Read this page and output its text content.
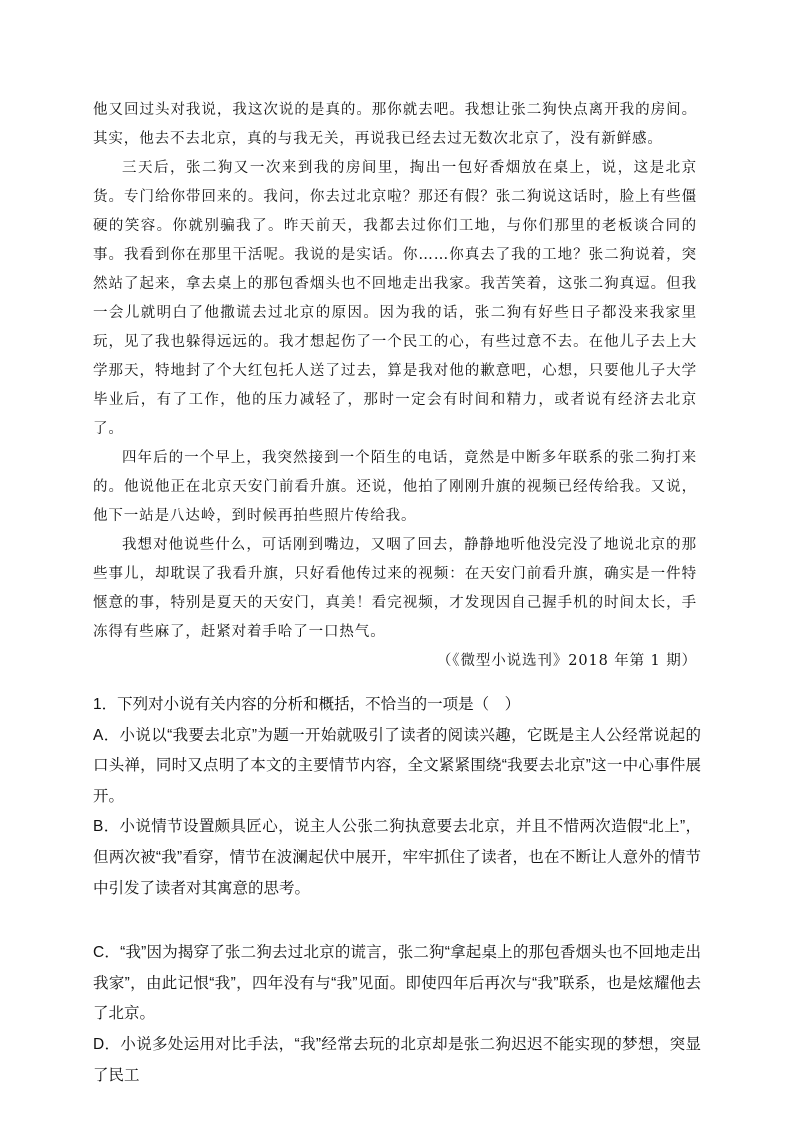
他又回过头对我说，我这次说的是真的。那你就去吧。我想让张二狗快点离开我的房间。其实，他去不去北京，真的与我无关，再说我已经去过无数次北京了，没有新鲜感。

三天后，张二狗又一次来到我的房间里，掏出一包好香烟放在桌上，说，这是北京货。专门给你带回来的。我问，你去过北京啦？那还有假？张二狗说这话时，脸上有些僵硬的笑容。你就别骗我了。昨天前天，我都去过你们工地，与你们那里的老板谈合同的事。我看到你在那里干活呢。我说的是实话。你……你真去了我的工地？张二狗说着，突然站了起来，拿去桌上的那包香烟头也不回地走出我家。我苦笑着，这张二狗真逗。但我一会儿就明白了他撒谎去过北京的原因。因为我的话，张二狗有好些日子都没来我家里玩，见了我也躲得远远的。我才想起伤了一个民工的心，有些过意不去。在他儿子去上大学那天，特地封了个大红包托人送了过去，算是我对他的歉意吧，心想，只要他儿子大学毕业后，有了工作，他的压力减轻了，那时一定会有时间和精力，或者说有经济去北京了。

四年后的一个早上，我突然接到一个陌生的电话，竟然是中断多年联系的张二狗打来的。他说他正在北京天安门前看升旗。还说，他拍了刚刚升旗的视频已经传给我。又说，他下一站是八达岭，到时候再拍些照片传给我。

我想对他说些什么，可话刚到嘴边，又咽了回去，静静地听他没完没了地说北京的那些事儿，却耽误了我看升旗，只好看他传过来的视频：在天安门前看升旗，确实是一件特惬意的事，特别是夏天的天安门，真美！看完视频，才发现因自己握手机的时间太长，手冻得有些麻了，赶紧对着手哈了一口热气。

（《微型小说选刊》2018 年第 1 期）

1．下列对小说有关内容的分析和概括，不恰当的一项是（　）

A．小说以“我要去北京”为题一开始就吸引了读者的阅读兴趣，它既是主人公经常说起的口头禅，同时又点明了本文的主要情节内容，全文紧紧围绕“我要去北京”这一中心事件展开。

B．小说情节设置颇具匠心，说主人公张二狗执意要去北京，并且不惜两次造假“北上”，但两次被“我”看穿，情节在波澜起伏中展开，牢牢抓住了读者，也在不断让人意外的情节中引发了读者对其寓意的思考。

C．“我”因为揭穿了张二狗去过北京的谎言，张二狗“拿起桌上的那包香烟头也不回地走出我家”，由此记恨“我”，四年没有与“我”见面。即使四年后再次与“我”联系，也是炫耀他去了北京。

D．小说多处运用对比手法，“我”经常去玩的北京却是张二狗迟迟不能实现的梦想，突显了民工
